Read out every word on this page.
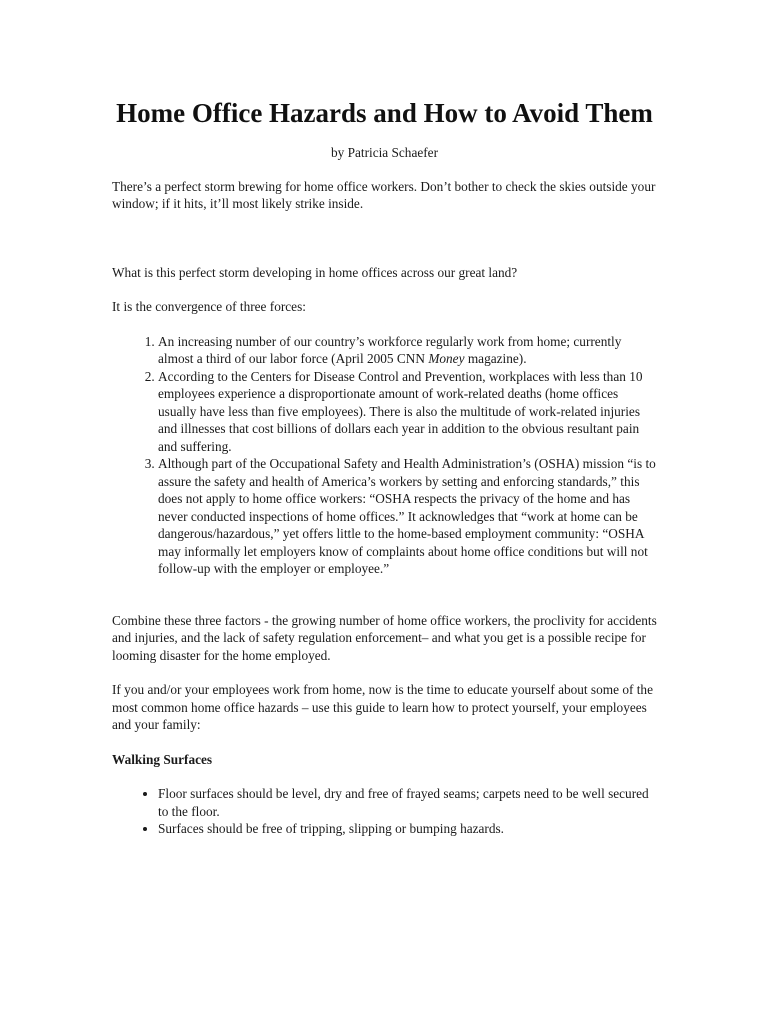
Home Office Hazards and How to Avoid Them

by Patricia Schaefer

There’s a perfect storm brewing for home office workers. Don’t bother to check the skies outside your window; if it hits, it’ll most likely strike inside.

What is this perfect storm developing in home offices across our great land?

It is the convergence of three forces:

1. An increasing number of our country’s workforce regularly work from home; currently almost a third of our labor force (April 2005 CNN Money magazine).
2. According to the Centers for Disease Control and Prevention, workplaces with less than 10 employees experience a disproportionate amount of work-related deaths (home offices usually have less than five employees). There is also the multitude of work-related injuries and illnesses that cost billions of dollars each year in addition to the obvious resultant pain and suffering.
3. Although part of the Occupational Safety and Health Administration’s (OSHA) mission “is to assure the safety and health of America’s workers by setting and enforcing standards,” this does not apply to home office workers: “OSHA respects the privacy of the home and has never conducted inspections of home offices.” It acknowledges that “work at home can be dangerous/hazardous,” yet offers little to the home-based employment community: “OSHA may informally let employers know of complaints about home office conditions but will not follow-up with the employer or employee.”

Combine these three factors - the growing number of home office workers, the proclivity for accidents and injuries, and the lack of safety regulation enforcement– and what you get is a possible recipe for looming disaster for the home employed.

If you and/or your employees work from home, now is the time to educate yourself about some of the most common home office hazards – use this guide to learn how to protect yourself, your employees and your family:

Walking Surfaces
• Floor surfaces should be level, dry and free of frayed seams; carpets need to be well secured to the floor.
• Surfaces should be free of tripping, slipping or bumping hazards.
